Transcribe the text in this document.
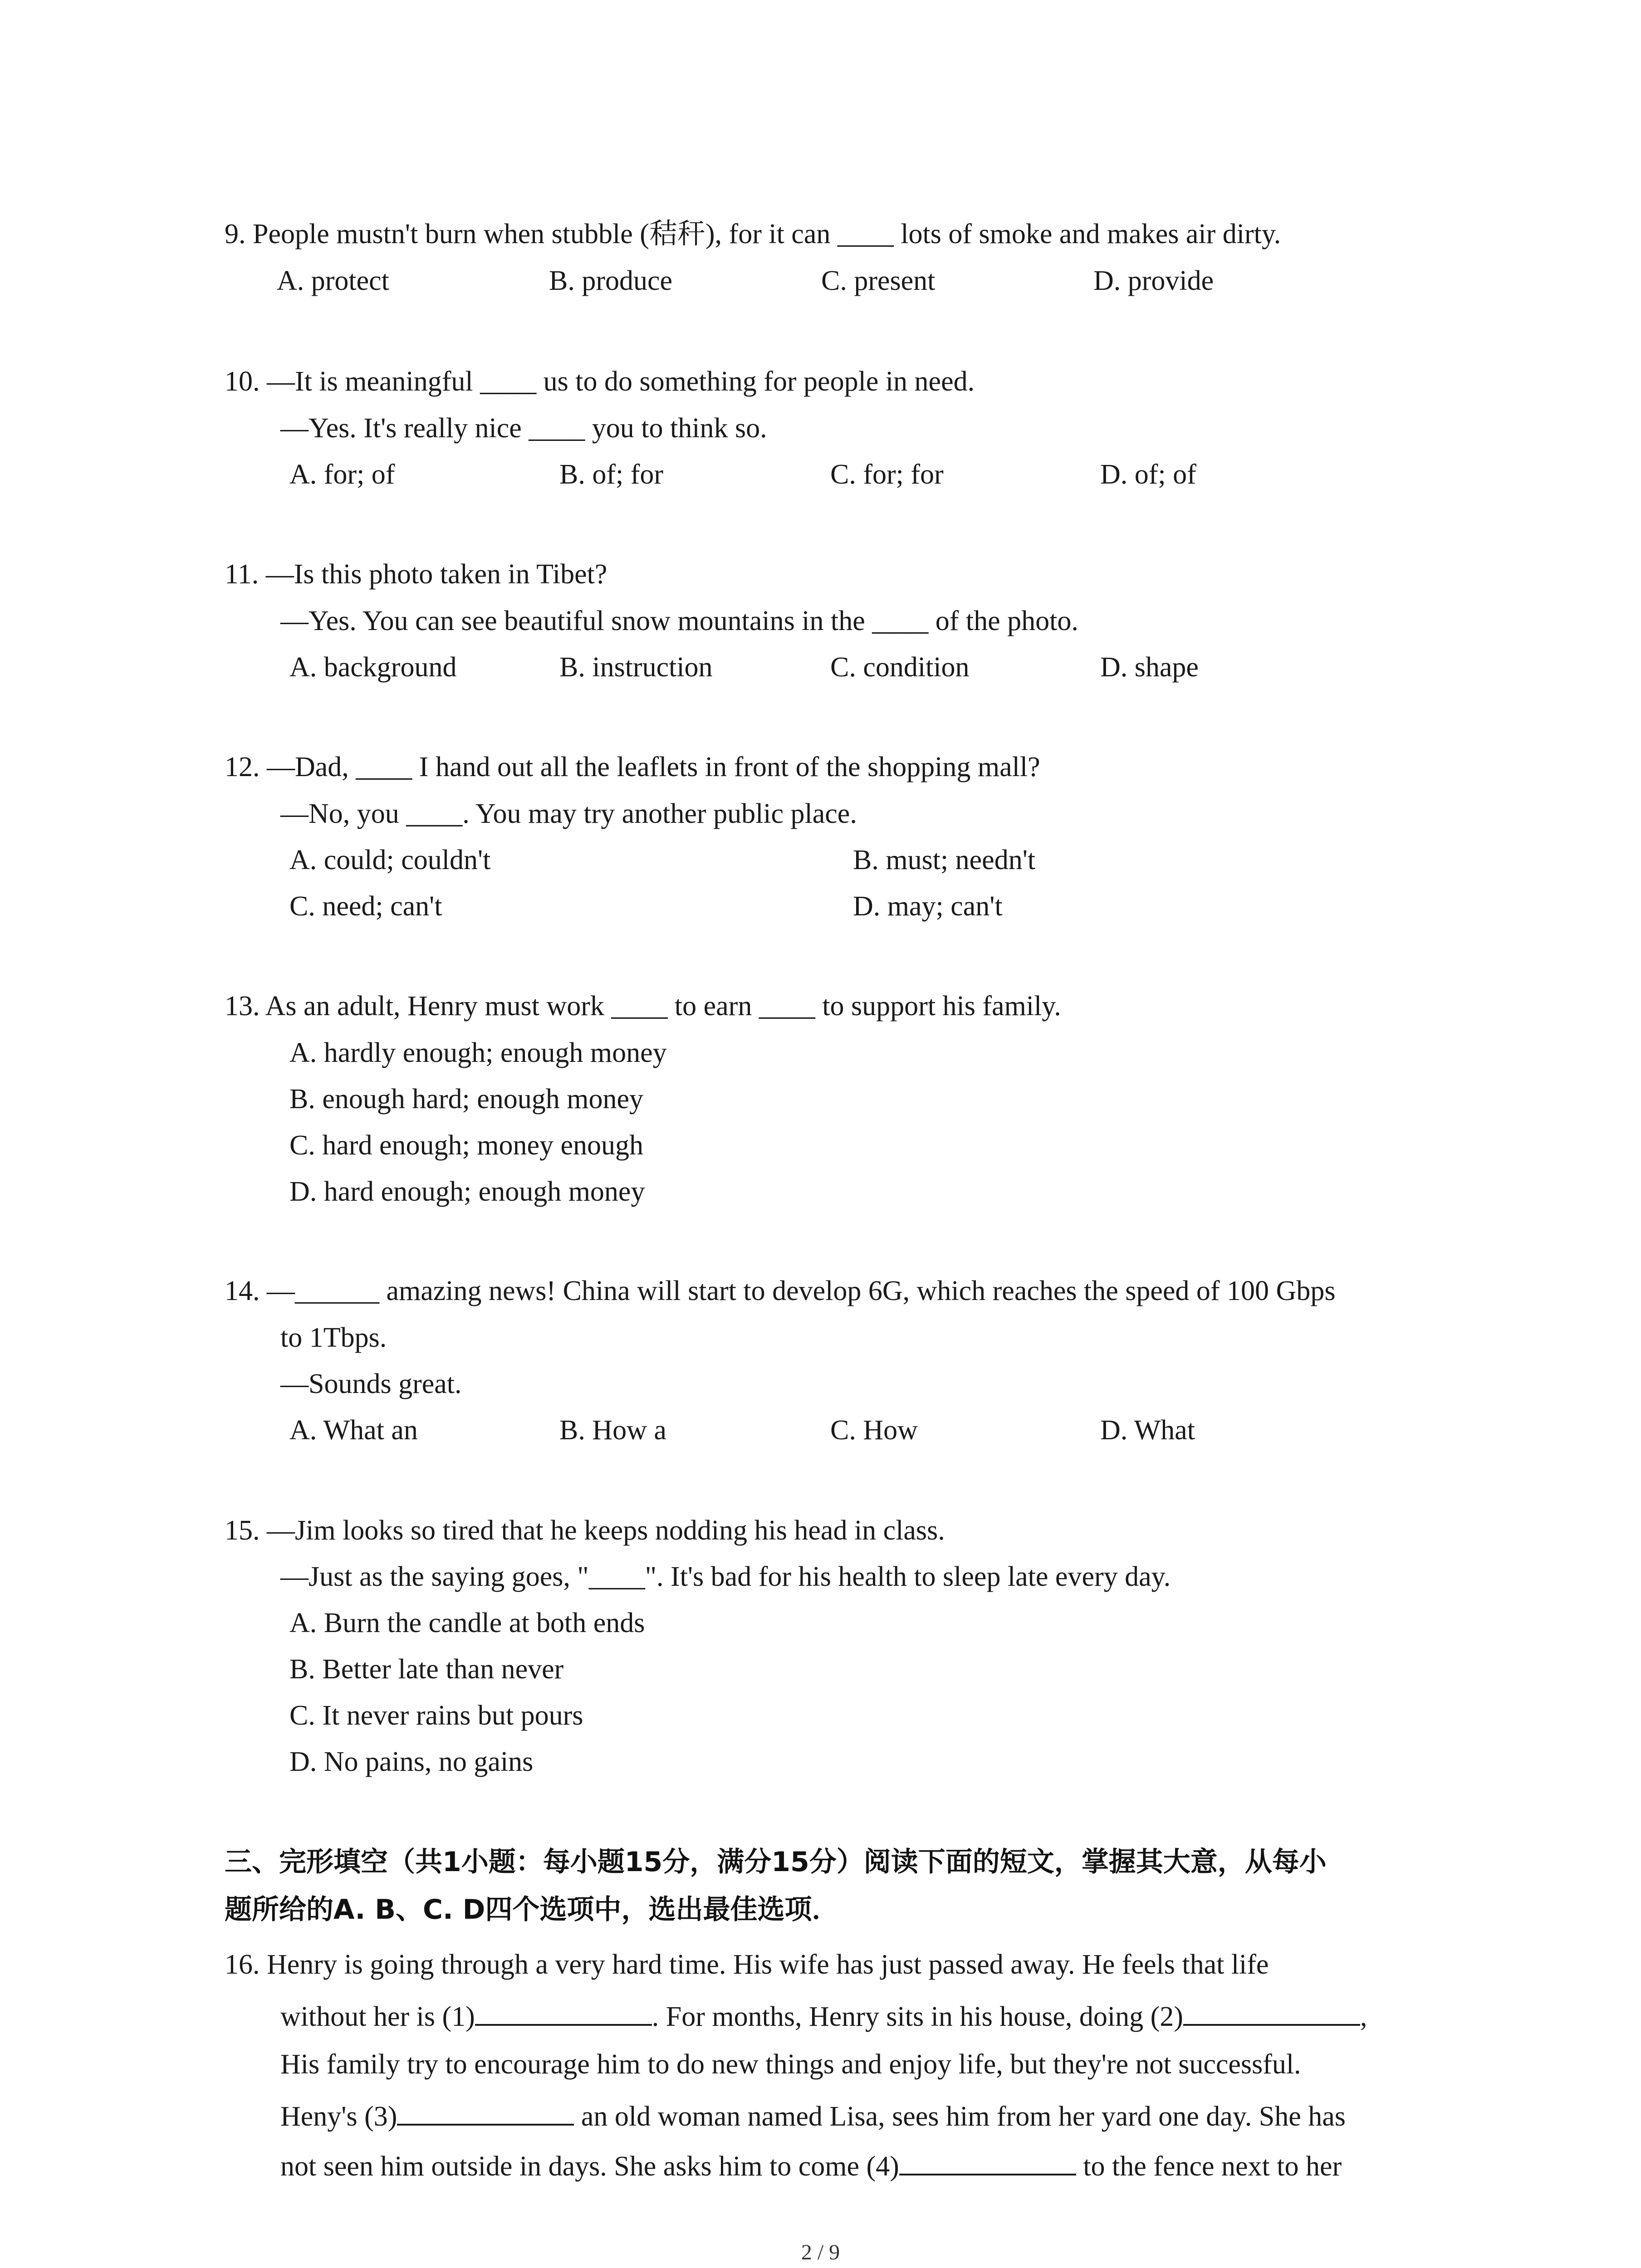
9. People mustn't burn when stubble (秸秆), for it can ____ lots of smoke and makes air dirty.
A. protect	B. produce	C. present	D. provide
10. —It is meaningful ____ us to do something for people in need.
—Yes. It's really nice ____ you to think so.
A. for; of	B. of; for	C. for; for	D. of; of
11. —Is this photo taken in Tibet?
—Yes. You can see beautiful snow mountains in the ____ of the photo.
A. background	B. instruction	C. condition	D. shape
12. —Dad, ____ I hand out all the leaflets in front of the shopping mall?
—No, you ____. You may try another public place.
A. could; couldn't	B. must; needn't
C. need; can't	D. may; can't
13. As an adult, Henry must work ____ to earn ____ to support his family.
A. hardly enough; enough money
B. enough hard; enough money
C. hard enough; money enough
D. hard enough; enough money
14. —______ amazing news! China will start to develop 6G, which reaches the speed of 100 Gbps
to 1Tbps.
—Sounds great.
A. What an	B. How a	C. How	D. What
15. —Jim looks so tired that he keeps nodding his head in class.
—Just as the saying goes, "____". It's bad for his health to sleep late every day.
A. Burn the candle at both ends
B. Better late than never
C. It never rains but pours
D. No pains, no gains
三、完形填空（共1小题：每小题15分，满分15分）阅读下面的短文，掌握其大意，从每小
题所给的A. B、C. D四个选项中，选出最佳选项．
16. Henry is going through a very hard time. His wife has just passed away. He feels that life
without her is (1)	. For months, Henry sits in his house, doing (2)	,
His family try to encourage him to do new things and enjoy life, but they're not successful.
Heny's (3)	an old woman named Lisa, sees him from her yard one day. She has
not seen him outside in days. She asks him to come (4)	to the fence next to her
2 / 9
